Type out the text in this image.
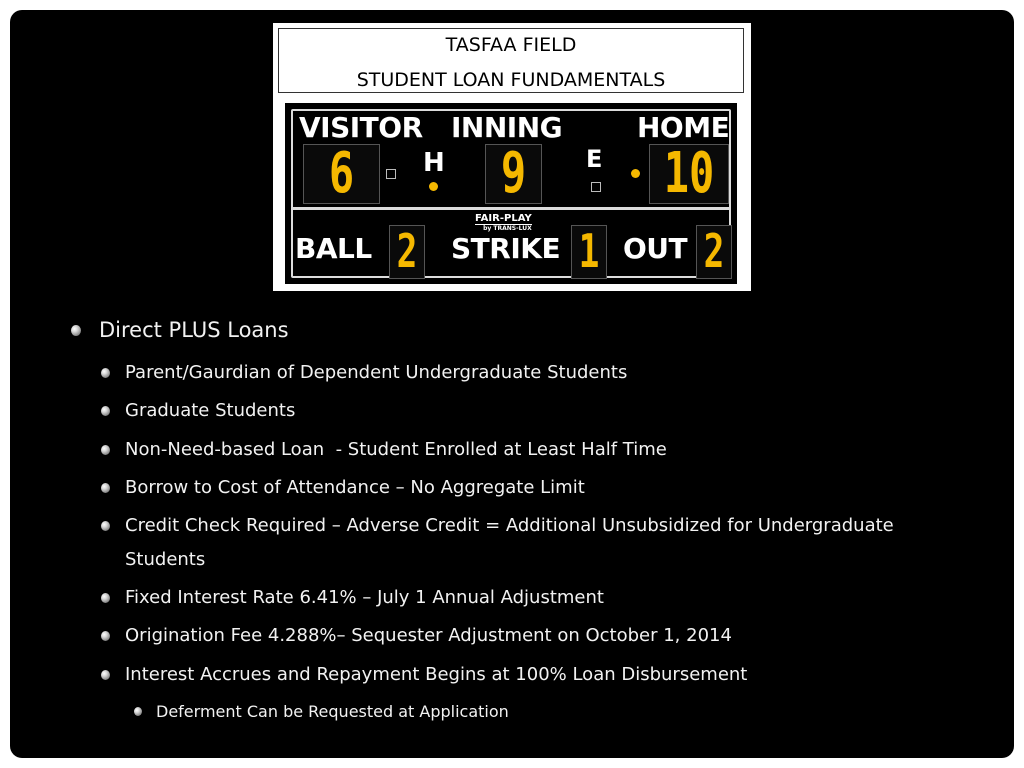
TASFAA FIELD
STUDENT LOAN FUNDAMENTALS
VISITOR INNING	HOME
6	H 9	E 10
FAIR-PLAY
by TRANS-LUX
BALL 2 STRIKE 1 OUT 2
Direct PLUS Loans
Parent/Gaurdian of Dependent Undergraduate Students
Graduate Students
Non-Need-based Loan  - Student Enrolled at Least Half Time
Borrow to Cost of Attendance – No Aggregate Limit
Credit Check Required – Adverse Credit = Additional Unsubsidized for Undergraduate Students
Fixed Interest Rate 6.41% – July 1 Annual Adjustment
Origination Fee 4.288%– Sequester Adjustment on October 1, 2014
Interest Accrues and Repayment Begins at 100% Loan Disbursement
Deferment Can be Requested at Application
